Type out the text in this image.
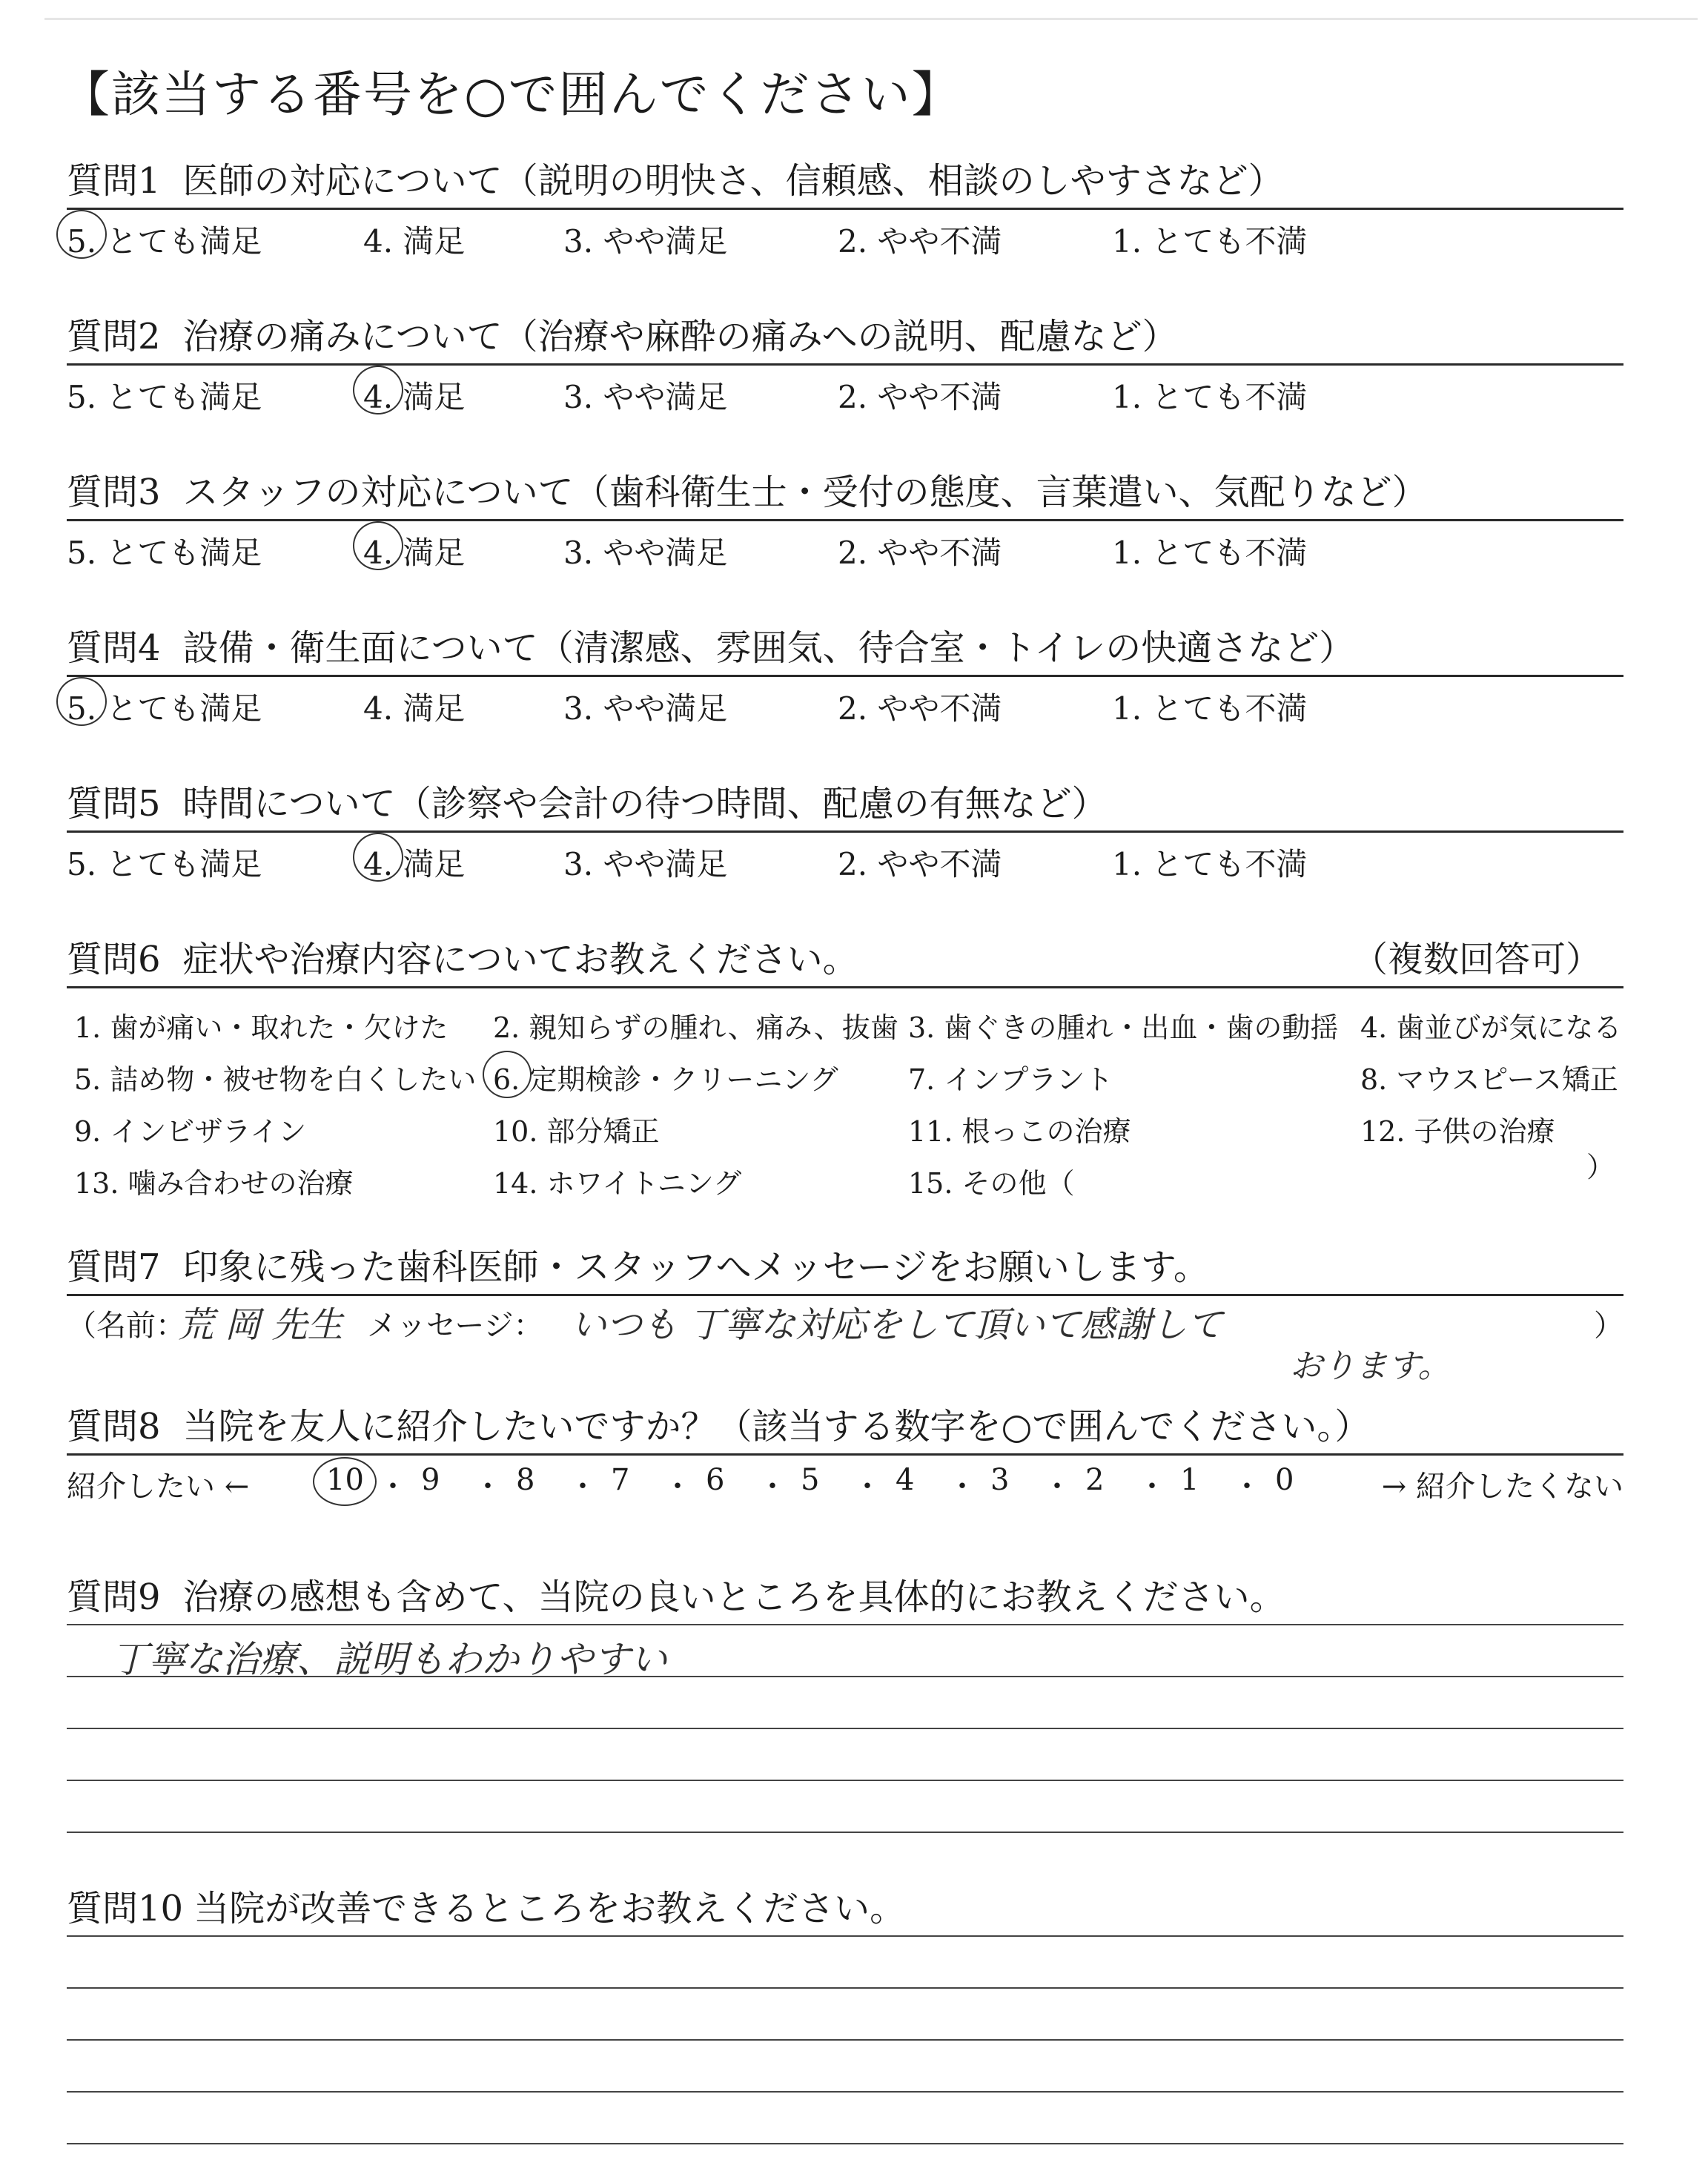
【該当する番号を○で囲んでください】
質問1 医師の対応について（説明の明快さ、信頼感、相談のしやすさなど）
5. とても満足	4. 満足	3. やや満足	2. やや不満	1. とても不満
質問2 治療の痛みについて（治療や麻酔の痛みへの説明、配慮など）
5. とても満足	4. 満足	3. やや満足	2. やや不満	1. とても不満
質問3 スタッフの対応について（歯科衛生士・受付の態度、言葉遣い、気配りなど）
5. とても満足	4. 満足	3. やや満足	2. やや不満	1. とても不満
質問4 設備・衛生面について（清潔感、雰囲気、待合室・トイレの快適さなど）
5. とても満足	4. 満足	3. やや満足	2. やや不満	1. とても不満
質問5 時間について（診察や会計の待つ時間、配慮の有無など）
5. とても満足	4. 満足	3. やや満足	2. やや不満	1. とても不満
質問6 症状や治療内容についてお教えください。	（複数回答可）
）
1. 歯が痛い・取れた・欠けた 2. 親知らずの腫れ、痛み、抜歯 3. 歯ぐきの腫れ・出血・歯の動揺 4. 歯並びが気になる
5. 詰め物・被せ物を白くしたい 6. 定期検診・クリーニング 7. インプラント	8. マウスピース矯正
9. インビザライン	10. 部分矯正	11. 根っこの治療	12. 子供の治療
13. 噛み合わせの治療	14. ホワイトニング	15. その他（
質問7 印象に残った歯科医師・スタッフへメッセージをお願いします。
（名前：
荒 岡 先生 メッセージ： いつも 丁寧な対応をして頂いて感謝して
おります。
）
質問8 当院を友人に紹介したいですか？（該当する数字を○で囲んでください。）
紹介したい ←	→ 紹介したくない
10 ・ 9 ・ 8 ・ 7 ・ 6 ・ 5 ・ 4 ・ 3 ・ 2 ・ 1 ・ 0
質問9 治療の感想も含めて、当院の良いところを具体的にお教えください。
丁寧な治療、説明もわかりやすい
質問10 当院が改善できるところをお教えください。
